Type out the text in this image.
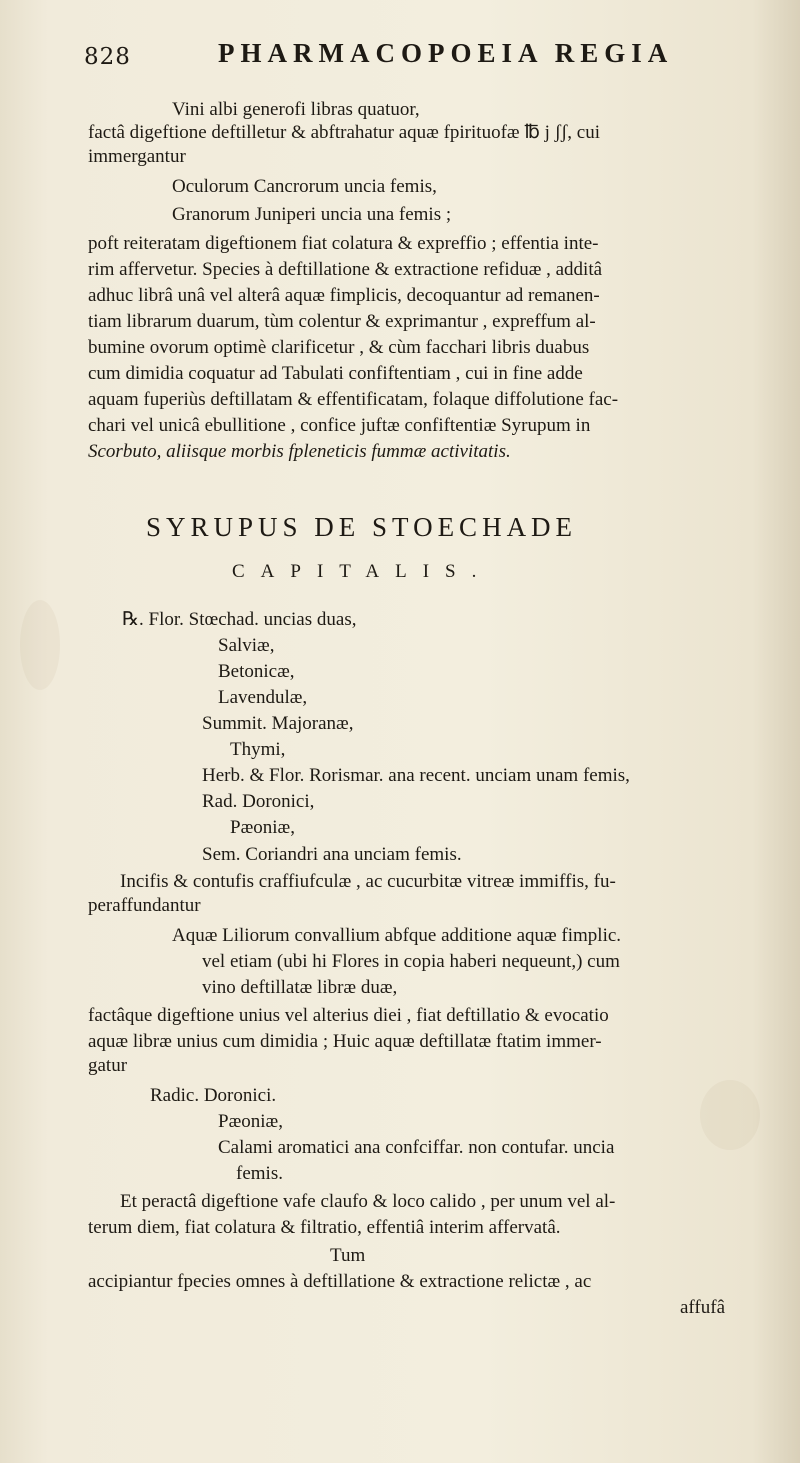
828	PHARMACOPOEIA REGIA
Vini albi generofi libras quatuor,
factâ digeftione deftilletur & abftrahatur aquæ fpirituofæ ℔ j ʃʃ, cui
immergantur
Oculorum Cancrorum uncia femis,
Granorum Juniperi uncia una femis ;
poft reiteratam digeftionem fiat colatura & expreffio ; effentia inte-
rim affervetur. Species à deftillatione & extractione refiduæ , additâ
adhuc librâ unâ vel alterâ aquæ fimplicis, decoquantur ad remanen-
tiam librarum duarum, tùm colentur & exprimantur , expreffum al-
bumine ovorum optimè clarificetur , & cùm facchari libris duabus
cum dimidia coquatur ad Tabulati confiftentiam , cui in fine adde
aquam fuperiùs deftillatam & effentificatam, folaque diffolutione fac-
chari vel unicâ ebullitione , confice juftæ confiftentiæ Syrupum in
Scorbuto, aliisque morbis fpleneticis fummæ activitatis.
SYRUPUS DE STOECHADE
CAPITALIS.
℞. Flor. Stœchad. uncias duas,
Salviæ,
Betonicæ,
Lavendulæ,
Summit. Majoranæ,
Thymi,
Herb. & Flor. Rorismar. ana recent. unciam unam femis,
Rad. Doronici,
Pæoniæ,
Sem. Coriandri ana unciam femis.
Incifis & contufis craffiufculæ , ac cucurbitæ vitreæ immiffis, fu-
peraffundantur
Aquæ Liliorum convallium abfque additione aquæ fimplic.
vel etiam (ubi hi Flores in copia haberi nequeunt,) cum
vino deftillatæ libræ duæ,
factâque digeftione unius vel alterius diei , fiat deftillatio & evocatio
aquæ libræ unius cum dimidia ; Huic aquæ deftillatæ ftatim immer-
gatur
Radic. Doronici.
Pæoniæ,
Calami aromatici ana confciffar. non contufar. uncia
femis.
Et peractâ digeftione vafe claufo & loco calido , per unum vel al-
terum diem, fiat colatura & filtratio, effentiâ interim affervatâ.
Tum
accipiantur fpecies omnes à deftillatione & extractione relictæ , ac
affufâ
